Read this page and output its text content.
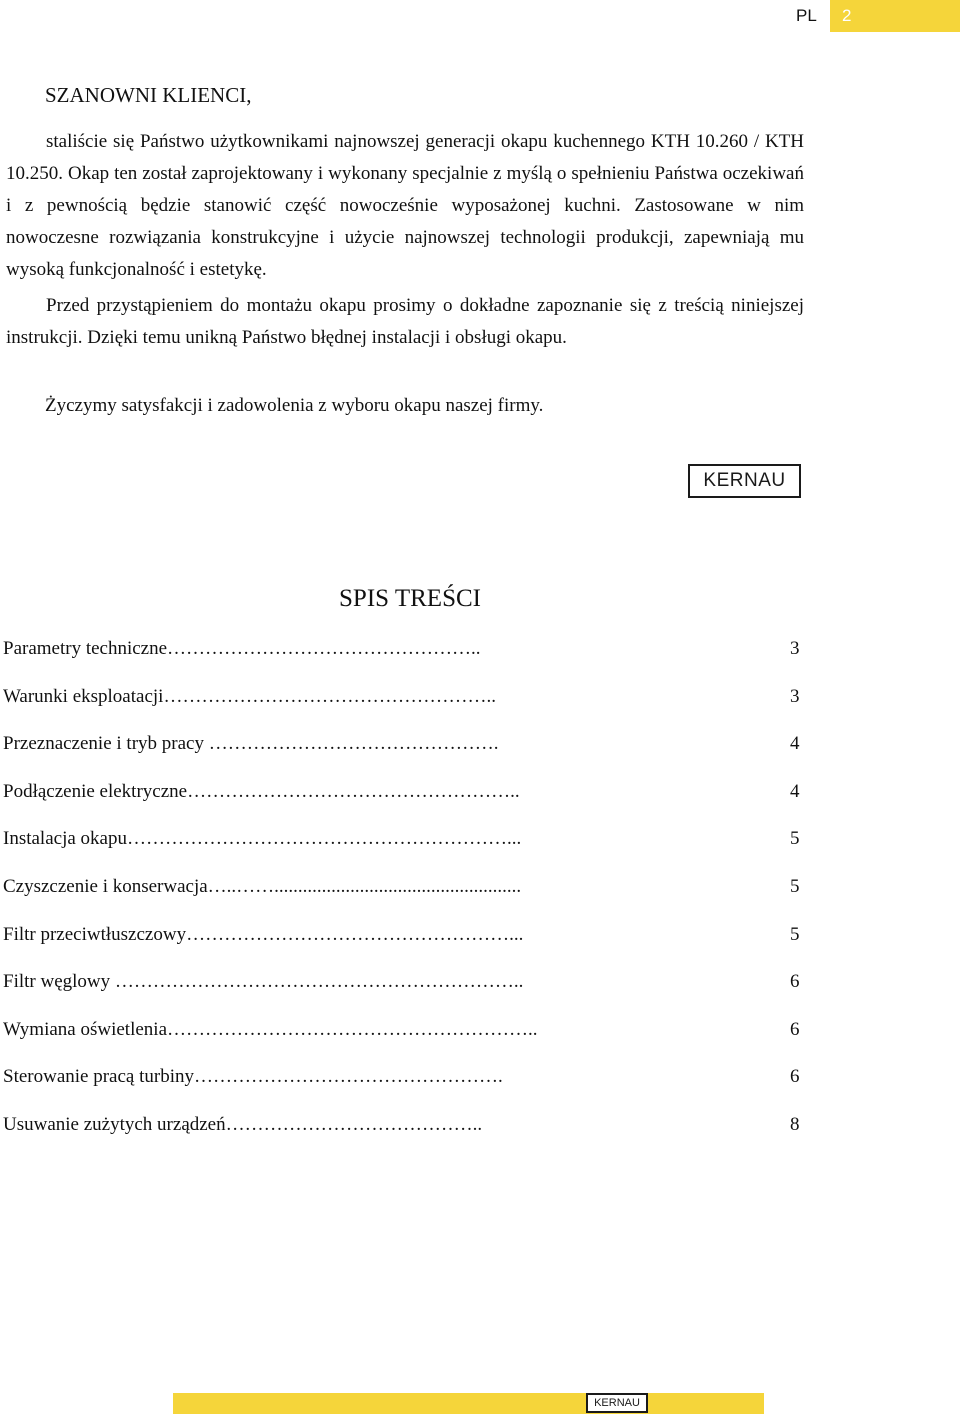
PL	2
SZANOWNI KLIENCI,

staliście się Państwo użytkownikami najnowszej generacji okapu kuchennego KTH 10.260 / KTH 10.250. Okap ten został zaprojektowany i wykonany specjalnie z myślą o spełnieniu Państwa oczekiwań i z pewnością będzie stanowić część nowocześnie wyposażonej kuchni. Zastosowane w nim nowoczesne rozwiązania konstrukcyjne i użycie najnowszej technologii produkcji, zapewniają mu wysoką funkcjonalność i estetykę.

Przed przystąpieniem do montażu okapu prosimy o dokładne zapoznanie się z treścią niniejszej instrukcji. Dzięki temu unikną Państwo błędnej instalacji i obsługi okapu.

Życzymy satysfakcji i zadowolenia z wyboru okapu naszej firmy.
KERNAU
SPIS TREŚCI
Parametry techniczne…………………………………………..	3
Warunki eksploatacji……………………………………………..	3
Przeznaczenie i tryb pracy ……………………………………….	4
Podłączenie elektryczne……………………………………………..	4
Instalacja okapu……………………………………………………...	5
Czyszczenie i konserwacja…..……....................................................	5
Filtr przeciwtłuszczowy……………………………………………...	5
Filtr węglowy ………………………………………………………..	6
Wymiana oświetlenia…………………………………………………..	6
Sterowanie pracą turbiny………………………………………….	6
Usuwanie zużytych urządzeń…………………………………..	8
KERNAU
